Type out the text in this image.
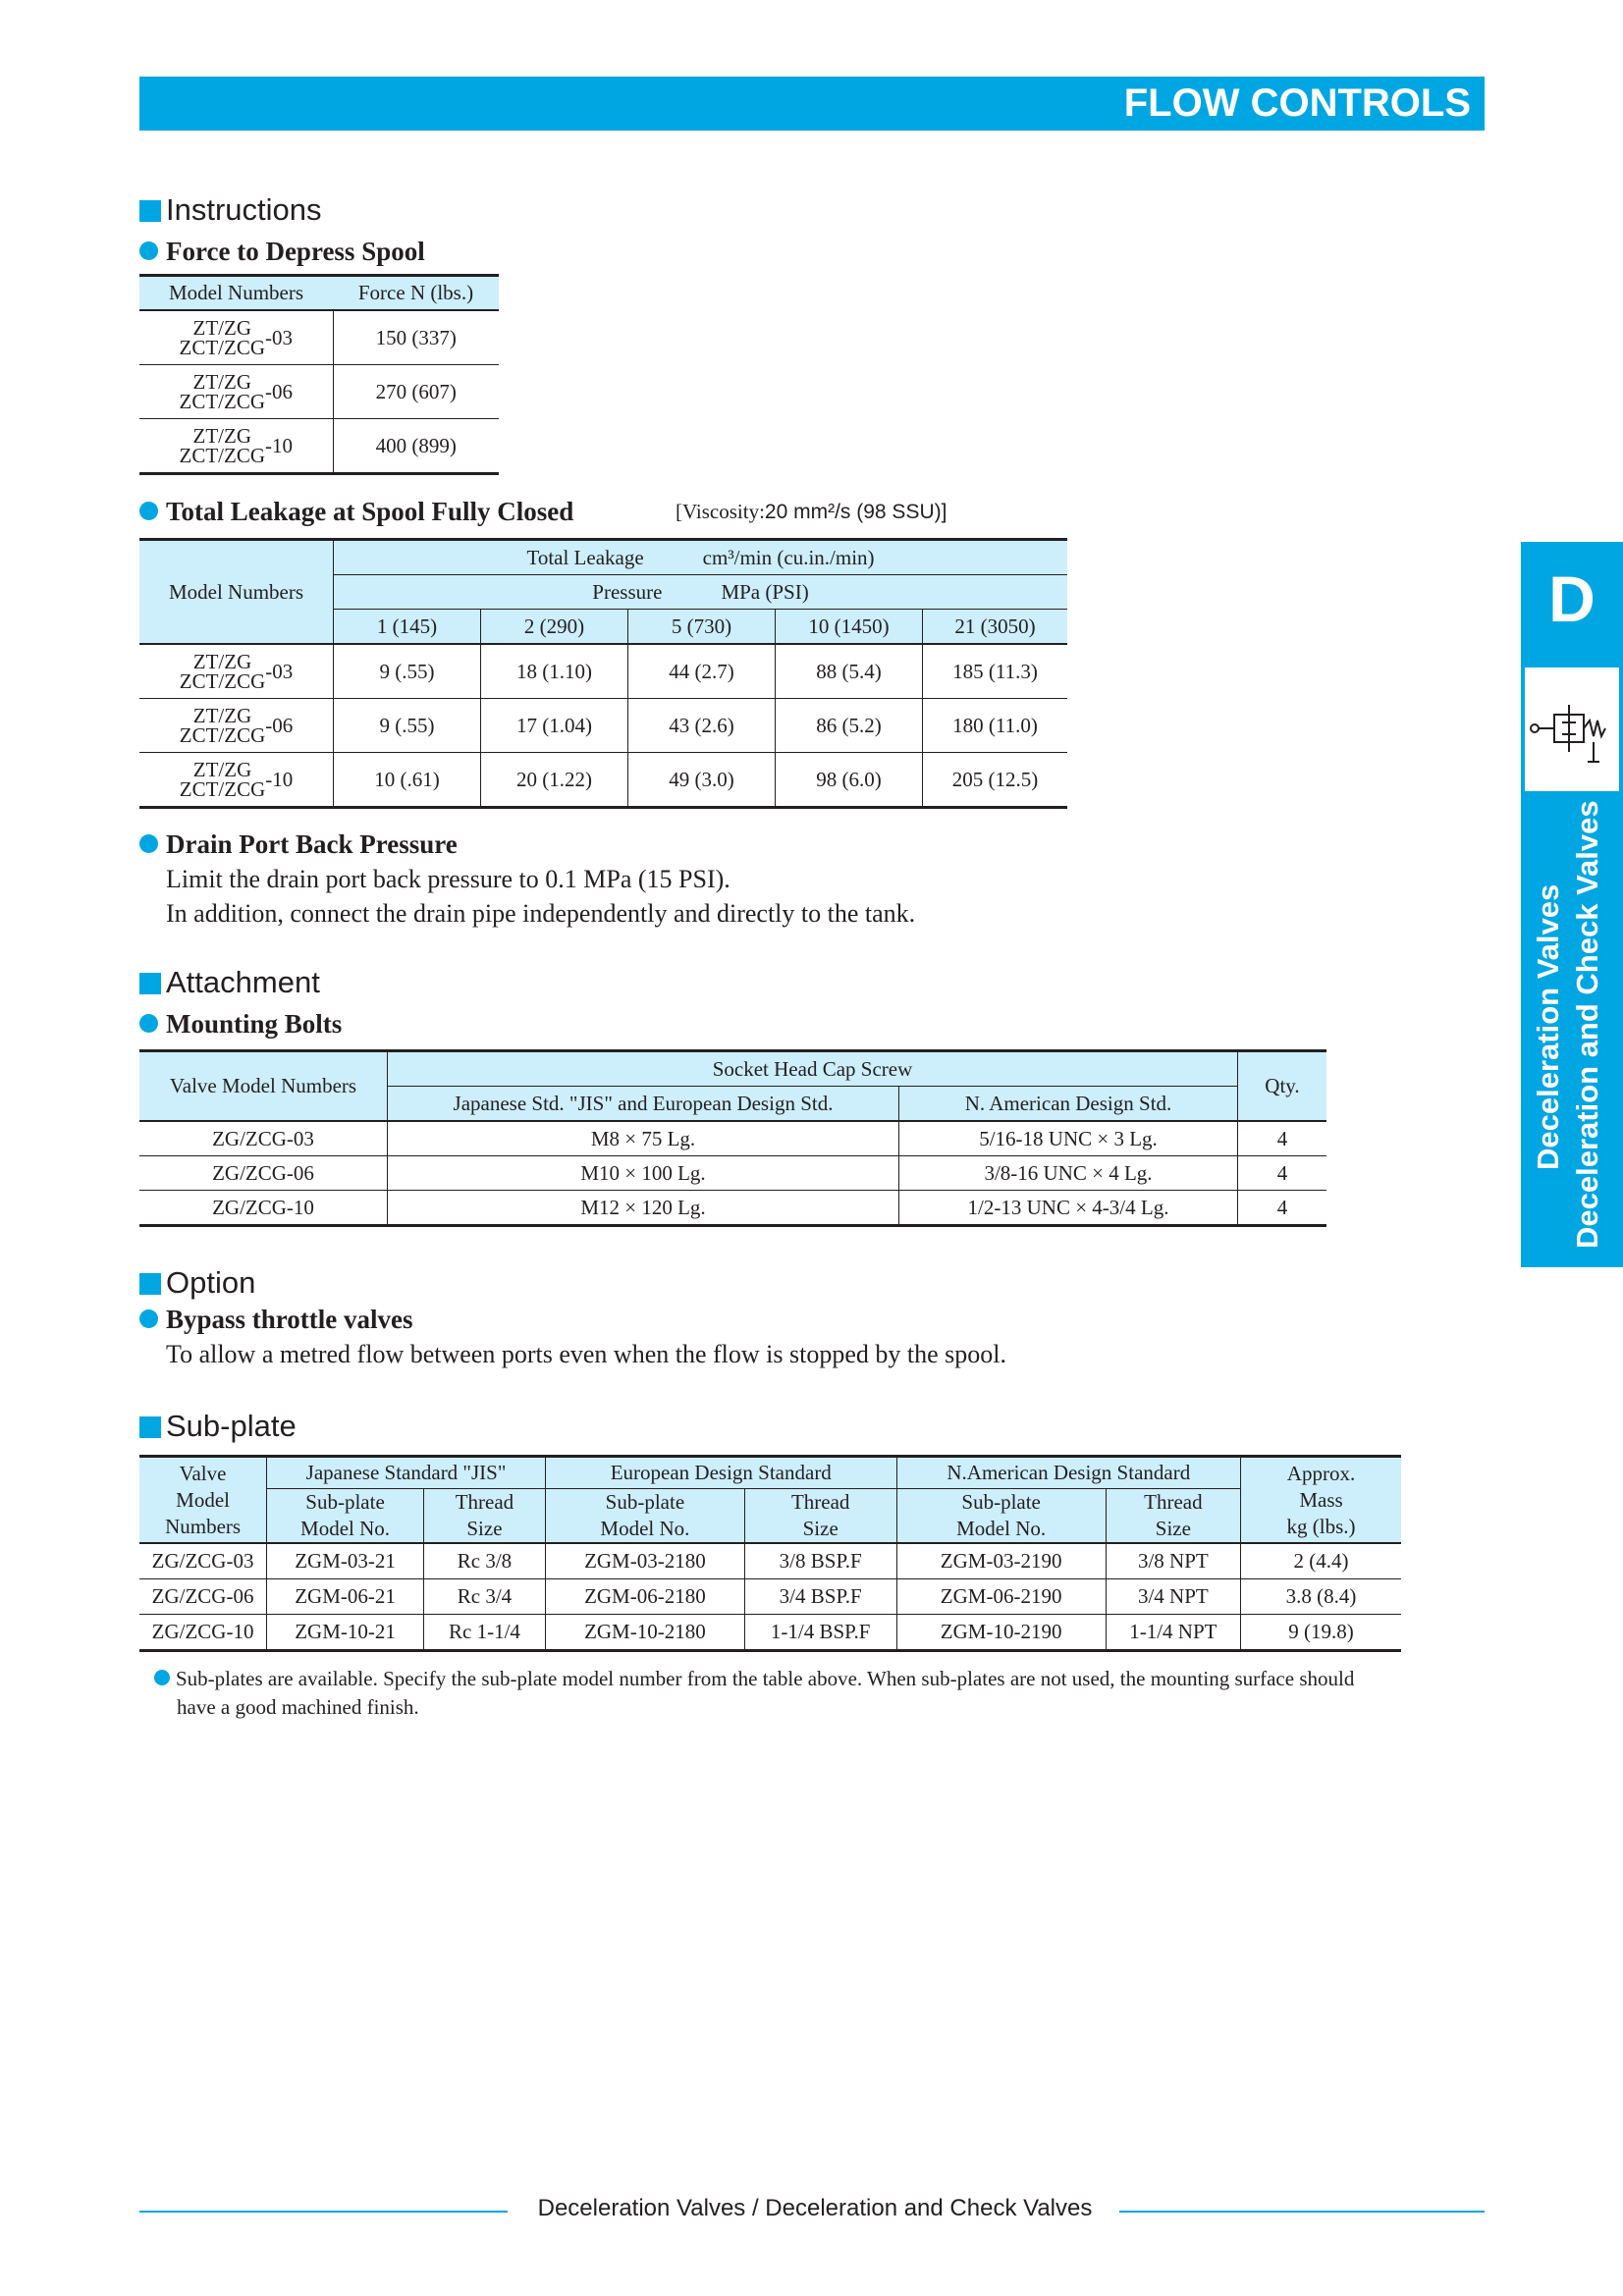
FLOW CONTROLS
Instructions
Force to Depress Spool
Model Numbers	Force N (lbs.)

ZT/ZG
ZCT/ZCG -03	150 (337)

ZT/ZG
ZCT/ZCG -06	270 (607)

ZT/ZG
ZCT/ZCG -10	400 (899)
Total Leakage at Spool Fully Closed	[Viscosity:20 mm²/s (98 SSU)]
Model Numbers	Total Leakage cm³/min (cu.in./min)				
	Pressure MPa (PSI)				
	1 (145)	2 (290)	5 (730)	10 (1450)	21 (3050)

ZT/ZG
ZCT/ZCG -03	9 (.55)	18 (1.10)	44 (2.7)	88 (5.4)	185 (11.3)

ZT/ZG
ZCT/ZCG -06	9 (.55)	17 (1.04)	43 (2.6)	86 (5.2)	180 (11.0)

ZT/ZG
ZCT/ZCG -10	10 (.61)	20 (1.22)	49 (3.0)	98 (6.0)	205 (12.5)
Drain Port Back Pressure
Limit the drain port back pressure to 0.1 MPa (15 PSI).
In addition, connect the drain pipe independently and directly to the tank.
Attachment
Mounting Bolts
Valve Model Numbers	Socket Head Cap Screw		Qty.
	Japanese Std. "JIS" and European Design Std.	N. American Design Std.	
ZG/ZCG-03	M8 × 75 Lg.	5/16-18 UNC × 3 Lg.	4
ZG/ZCG-06	M10 × 100 Lg.	3/8-16 UNC × 4 Lg.	4
ZG/ZCG-10	M12 × 120 Lg.	1/2-13 UNC × 4-3/4 Lg.	4
Option
Bypass throttle valves
To allow a metred flow between ports even when the flow is stopped by the spool.
Sub-plate
Valve
Model
Numbers	Japanese Standard "JIS"		European Design Standard		N.American Design Standard		Approx.
Mass
kg (lbs.)
	Sub-plate
Model No.	Thread
Size	Sub-plate
Model No.	Thread
Size	Sub-plate
Model No.	Thread
Size	
ZG/ZCG-03	ZGM-03-21	Rc 3/8	ZGM-03-2180	3/8 BSP.F	ZGM-03-2190	3/8 NPT	2 (4.4)
ZG/ZCG-06	ZGM-06-21	Rc 3/4	ZGM-06-2180	3/4 BSP.F	ZGM-06-2190	3/4 NPT	3.8 (8.4)
ZG/ZCG-10	ZGM-10-21	Rc 1-1/4	ZGM-10-2180	1-1/4 BSP.F	ZGM-10-2190	1-1/4 NPT	9 (19.8)
Sub-plates are available. Specify the sub-plate model number from the table above. When sub-plates are not used, the mounting surface should
have a good machined finish.
D
Deceleration Valves Deceleration and Check Valves
Deceleration Valves / Deceleration and Check Valves
